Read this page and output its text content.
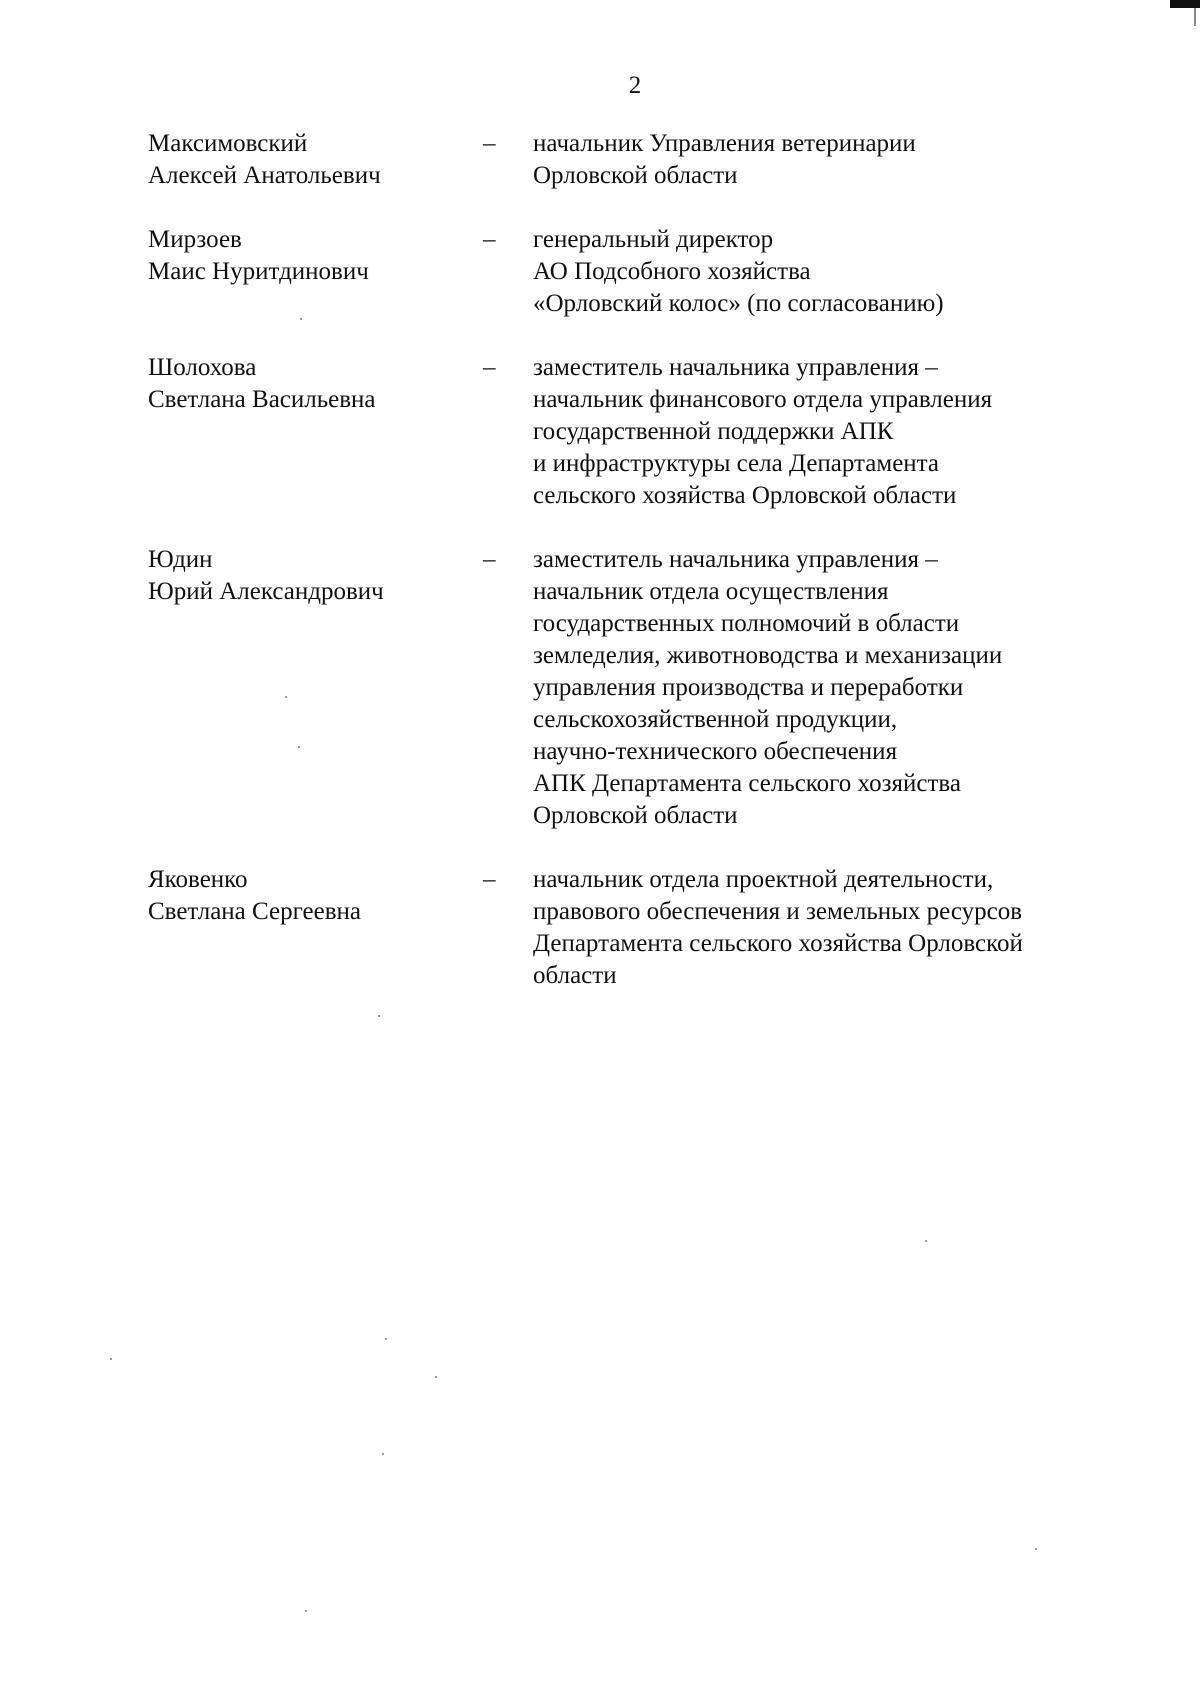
2
Максимовский
Алексей Анатольевич
–	начальник Управления ветеринарии
Орловской области
Мирзоев
Маис Нуритдинович
–	генеральный директор
АО Подсобного хозяйства
«Орловский колос» (по согласованию)
Шолохова
Светлана Васильевна
–	заместитель начальника управления –
начальник финансового отдела управления
государственной поддержки АПК
и инфраструктуры села Департамента
сельского хозяйства Орловской области
Юдин
Юрий Александрович
–	заместитель начальника управления –
начальник отдела осуществления
государственных полномочий в области
земледелия, животноводства и механизации
управления производства и переработки
сельскохозяйственной продукции,
научно-технического обеспечения
АПК Департамента сельского хозяйства
Орловской области
Яковенко
Светлана Сергеевна
–	начальник отдела проектной деятельности,
правового обеспечения и земельных ресурсов
Департамента сельского хозяйства Орловской
области
